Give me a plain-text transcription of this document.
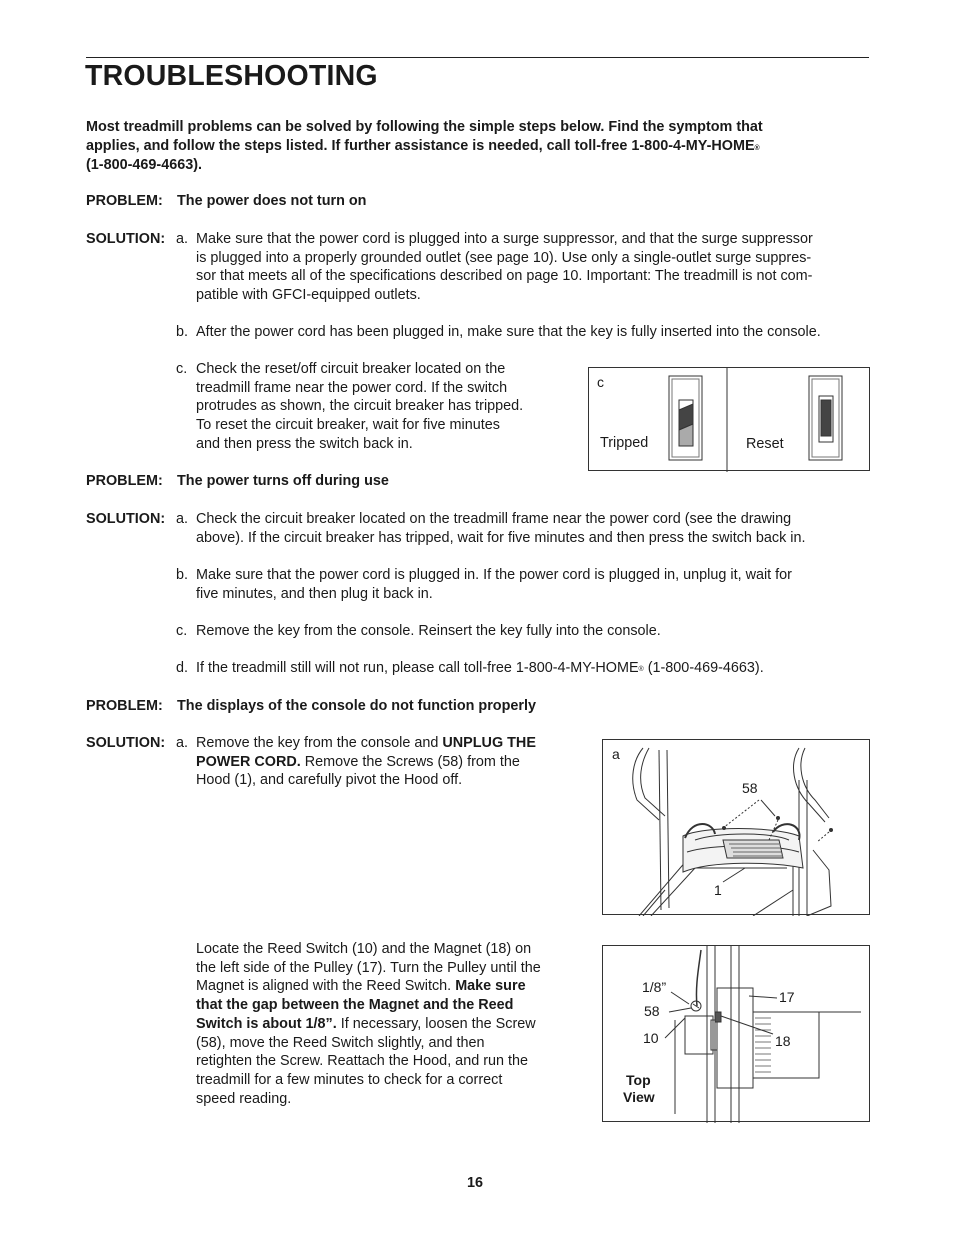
TROUBLESHOOTING

Most treadmill problems can be solved by following the simple steps below. Find the symptom that

applies, and follow the steps listed. If further assistance is needed, call toll-free 1-800-4-MY-HOME®

(1-800-469-4663).

PROBLEM: The power does not turn on
SOLUTION: a. Make sure that the power cord is plugged into a surge suppressor, and that the surge suppressor
is plugged into a properly grounded outlet (see page 10). Use only a single-outlet surge suppres-
sor that meets all of the specifications described on page 10. Important: The treadmill is not com-
patible with GFCI-equipped outlets.
b. After the power cord has been plugged in, make sure that the key is fully inserted into the console.
c. Check the reset/off circuit breaker located on the
treadmill frame near the power cord. If the switch
protrudes as shown, the circuit breaker has tripped.
To reset the circuit breaker, wait for five minutes
and then press the switch back in.
c
Tripped	Reset
PROBLEM: The power turns off during use
SOLUTION: a. Check the circuit breaker located on the treadmill frame near the power cord (see the drawing
above). If the circuit breaker has tripped, wait for five minutes and then press the switch back in.
b. Make sure that the power cord is plugged in. If the power cord is plugged in, unplug it, wait for
five minutes, and then plug it back in.
c. Remove the key from the console. Reinsert the key fully into the console.
d. If the treadmill still will not run, please call toll-free 1-800-4-MY-HOME® (1-800-469-4663).
PROBLEM: The displays of the console do not function properly
SOLUTION: a. Remove the key from the console and UNPLUG THE
POWER CORD. Remove the Screws (58) from the
Hood (1), and carefully pivot the Hood off.
a
58
1
Locate the Reed Switch (10) and the Magnet (18) on
the left side of the Pulley (17). Turn the Pulley until the
Magnet is aligned with the Reed Switch. Make sure
that the gap between the Magnet and the Reed
Switch is about 1/8”. If necessary, loosen the Screw
(58), move the Reed Switch slightly, and then
retighten the Screw. Reattach the Hood, and run the
treadmill for a few minutes to check for a correct
speed reading.
1/8”
58
10
17
18
Top
View
16
